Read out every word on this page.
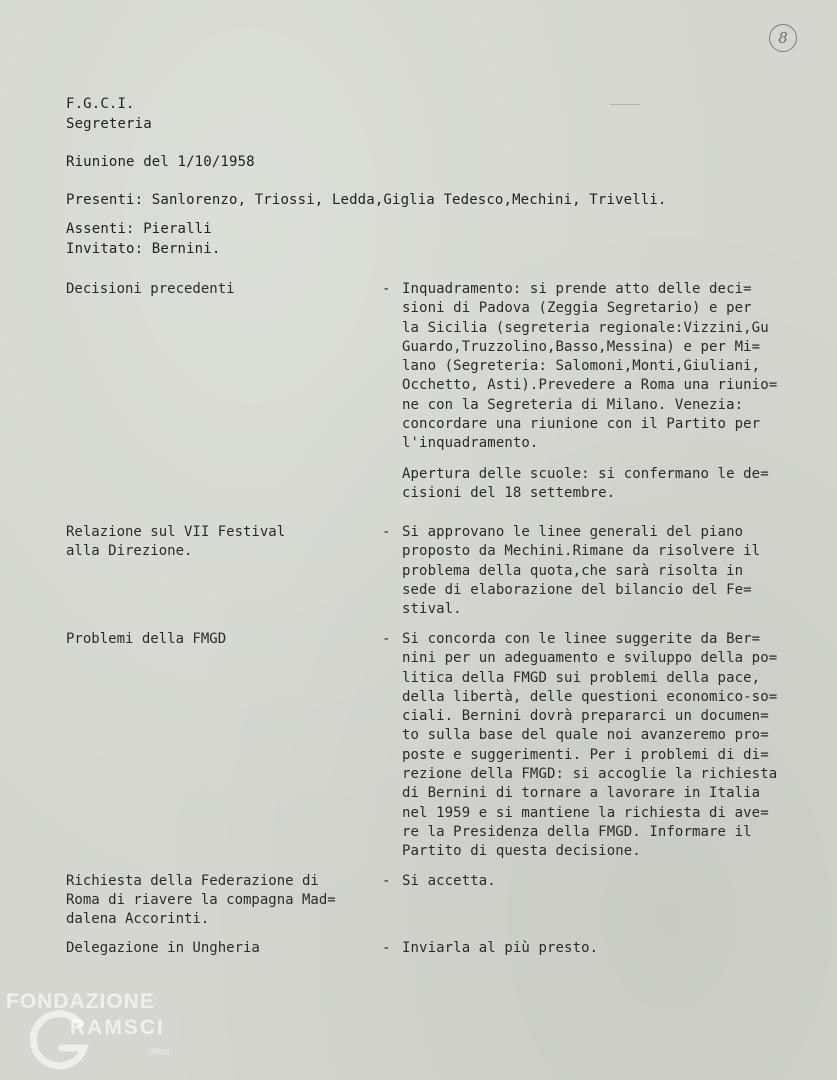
8
F.G.C.I.
Segreteria
Riunione del 1/10/1958
Presenti: Sanlorenzo, Triossi, Ledda,Giglia Tedesco,Mechini, Trivelli.
Assenti: Pieralli
Invitato: Bernini.
Decisioni precedenti	- Inquadramento: si prende atto delle deci=
sioni di Padova (Zeggia Segretario) e per
la Sicilia (segreteria regionale:Vizzini,Gu
Guardo,Truzzolino,Basso,Messina) e per Mi=
lano (Segreteria: Salomoni,Monti,Giuliani,
Occhetto, Asti).Prevedere a Roma una riunio=
ne con la Segreteria di Milano. Venezia:
concordare una riunione con il Partito per
l'inquadramento.
Apertura delle scuole: si confermano le de=
cisioni del 18 settembre.
Relazione sul VII Festival
alla Direzione.
- Si approvano le linee generali del piano
proposto da Mechini.Rimane da risolvere il
problema della quota,che sarà risolta in
sede di elaborazione del bilancio del Fe=
stival.
Problemi della FMGD	- Si concorda con le linee suggerite da Ber=
nini per un adeguamento e sviluppo della po=
litica della FMGD sui problemi della pace,
della libertà, delle questioni economico-so=
ciali. Bernini dovrà prepararci un documen=
to sulla base del quale noi avanzeremo pro=
poste e suggerimenti. Per i problemi di di=
rezione della FMGD: si accoglie la richiesta
di Bernini di tornare a lavorare in Italia
nel 1959 e si mantiene la richiesta di ave=
re la Presidenza della FMGD. Informare il
Partito di questa decisione.
Richiesta della Federazione di
Roma di riavere la compagna Mad=
dalena Accorinti.
- Si accetta.
Delegazione in Ungheria	- Inviarla al più presto.
FONDAZIONE
RAMSCI
onlus
